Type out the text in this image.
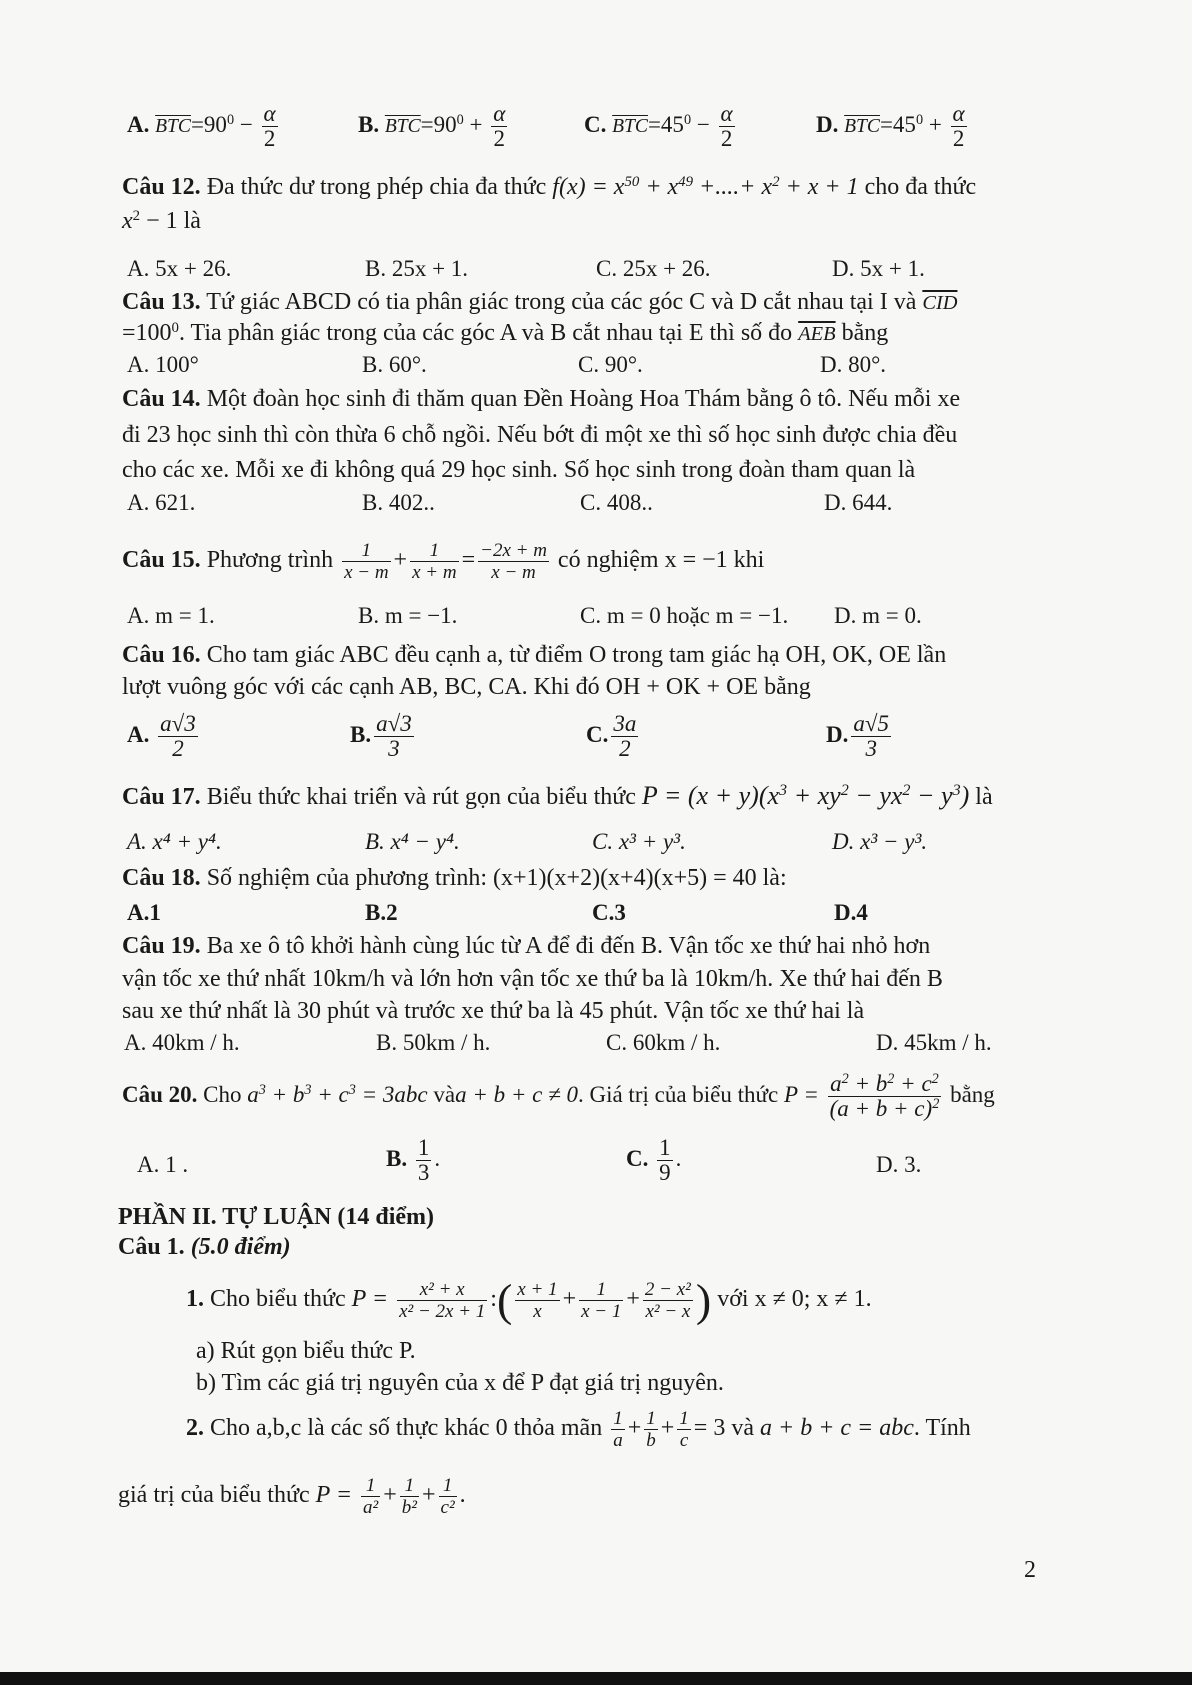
A. $\overline{BTC}=90^0 - \frac{\alpha}{2}$	B. $\overline{BTC}=90^0 + \frac{\alpha}{2}$	C. $\overline{BTC}=45^0 - \frac{\alpha}{2}$	D. $\overline{BTC}=45^0 + \frac{\alpha}{2}$
Câu 12. Đa thức dư trong phép chia đa thức $f(x) = x^{50} + x^{49}$ +....+ $x^2 + x + 1$ cho đa thức
$x^2 - 1$ là
A. 5x + 26.	B. 25x + 1.	C. 25x + 26.	D. 5x + 1.
Câu 13. Tứ giác ABCD có tia phân giác trong của các góc C và D cắt nhau tại I và $\overline{CID}$
$=100^0$. Tia phân giác trong của các góc A và B cắt nhau tại E thì số đo $\overline{AEB}$ bằng
A. 100°	B. 60°.	C. 90°.	D. 80°.
Câu 14. Một đoàn học sinh đi thăm quan Đền Hoàng Hoa Thám bằng ô tô. Nếu mỗi xe
đi 23 học sinh thì còn thừa 6 chỗ ngồi. Nếu bớt đi một xe thì số học sinh được chia đều
cho các xe. Mỗi xe đi không quá 29 học sinh. Số học sinh trong đoàn tham quan là
A. 621.	B. 402..	C. 408..	D. 644.
Câu 15. Phương trình $\frac{1}{x - m} + \frac{1}{x + m} = \frac{-2x + m}{x - m}$ có nghiệm x = −1 khi
A. m = 1.	B. m = −1.	C. m = 0 hoặc m = −1. D. m = 0.
Câu 16. Cho tam giác ABC đều cạnh a, từ điểm O trong tam giác hạ OH, OK, OE lần
lượt vuông góc với các cạnh AB, BC, CA. Khi đó OH + OK + OE bằng
A. $\frac{a√3}{2}$	B. $\frac{a√3}{3}$	C. $\frac{3a}{2}$	D. $\frac{a√5}{3}$
Câu 17. Biểu thức khai triển và rút gọn của biểu thức $P = (x + y)(x^3 + xy^2 - yx^2 - y^3)$ là
A. x⁴ + y⁴.	B. x⁴ − y⁴.	C. x³ + y³.	D. x³ − y³.
Câu 18. Số nghiệm của phương trình: (x+1)(x+2)(x+4)(x+5) = 40 là:
A.1	B.2	C.3	D.4
Câu 19. Ba xe ô tô khởi hành cùng lúc từ A để đi đến B. Vận tốc xe thứ hai nhỏ hơn
vận tốc xe thứ nhất 10km/h và lớn hơn vận tốc xe thứ ba là 10km/h. Xe thứ hai đến B
sau xe thứ nhất là 30 phút và trước xe thứ ba là 45 phút. Vận tốc xe thứ hai là
A. 40km / h.	B. 50km / h.	C. 60km / h.	D. 45km / h.
Câu 20. Cho $a^3 + b^3 + c^3 = 3abc$ vàa + b + c ≠ 0. Giá trị của biểu thức $P = \frac{a^2 + b^2 + c^2}{(a + b + c)^2}$ bằng
A. 1 .	B. $\frac{1}{3}$ .	C. $\frac{1}{9}$ .	D. 3.
PHẦN II. TỰ LUẬN (14 điểm)
Câu 1. (5.0 điểm)
1. Cho biểu thức $P = \frac{\text{x² + x}}{\text{x² − 2x + 1}}$ :( $\frac{x + 1}{x} + \frac{1}{x - 1} + \frac{\text{2 − x²}}{\text{x² − x}}$ ) với x ≠ 0; x ≠ 1.
a) Rút gọn biểu thức P.
b) Tìm các giá trị nguyên của x để P đạt giá trị nguyên.
2. Cho a,b,c là các số thực khác 0 thỏa mãn $\frac{1}{a} + \frac{1}{b} + \frac{1}{c} = 3$ và a + b + c = abc. Tính
giá trị của biểu thức $P = \frac{1}{\text{a²}} + \frac{1}{\text{b²}} + \frac{1}{\text{c²}}$ .
2
